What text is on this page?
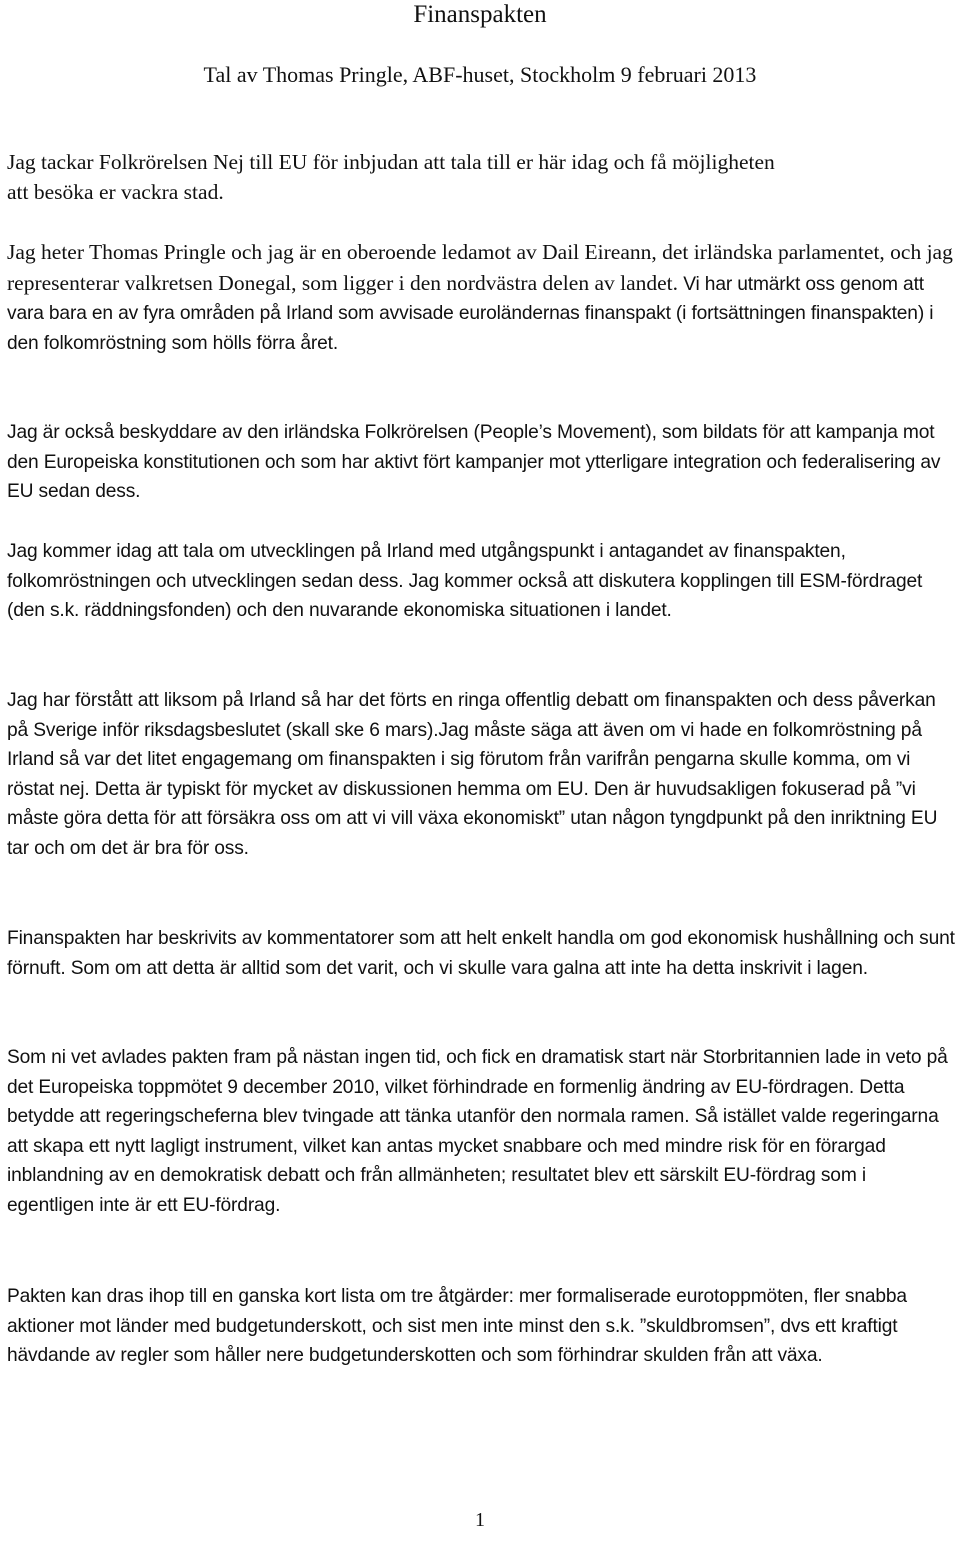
Finanspakten

Tal av Thomas Pringle, ABF-huset, Stockholm 9 februari 2013

Jag tackar Folkrörelsen Nej till EU för inbjudan att tala till er här idag och få möjligheten
att besöka er vackra stad.

Jag heter Thomas Pringle och jag är en oberoende ledamot av Dail Eireann, det irländska parlamentet, och jag representerar valkretsen Donegal, som ligger i den nordvästra delen av landet. Vi har utmärkt oss genom att vara bara en av fyra områden på Irland som avvisade euroländernas finanspakt (i fortsättningen finanspakten) i den folkomröstning som hölls förra året.

Jag är också beskyddare av den irländska Folkrörelsen (People’s Movement), som bildats för att kampanja mot den Europeiska konstitutionen och som har aktivt fört kampanjer mot ytterligare integration och federalisering av EU sedan dess.

Jag kommer idag att tala om utvecklingen på Irland med utgångspunkt i antagandet av finanspakten, folkomröstningen och utvecklingen sedan dess. Jag kommer också att diskutera kopplingen till ESM-fördraget (den s.k. räddningsfonden) och den nuvarande ekonomiska situationen i landet.

Jag har förstått att liksom på Irland så har det förts en ringa offentlig debatt om finanspakten och dess påverkan på Sverige inför riksdagsbeslutet (skall ske 6 mars).Jag måste säga att även om vi hade en folkomröstning på Irland så var det litet engagemang om finanspakten i sig förutom från varifrån pengarna skulle komma, om vi röstat nej. Detta är typiskt för mycket av diskussionen hemma om EU. Den är huvudsakligen fokuserad på ”vi måste göra detta för att försäkra oss om att vi vill växa ekonomiskt” utan någon tyngdpunkt på den inriktning EU tar och om det är bra för oss.

Finanspakten har beskrivits av kommentatorer som att helt enkelt handla om god ekonomisk hushållning och sunt förnuft. Som om att detta är alltid som det varit, och vi skulle vara galna att inte ha detta inskrivit i lagen.

Som ni vet avlades pakten fram på nästan ingen tid, och fick en dramatisk start när Storbritannien lade in veto på det Europeiska toppmötet 9 december 2010, vilket förhindrade en formenlig ändring av EU-fördragen. Detta betydde att regeringscheferna blev tvingade att tänka utanför den normala ramen. Så istället valde regeringarna att skapa ett nytt lagligt instrument, vilket kan antas mycket snabbare och med mindre risk för en förargad inblandning av en demokratisk debatt och från allmänheten; resultatet blev ett särskilt EU-fördrag som i egentligen inte är ett EU-fördrag.

Pakten kan dras ihop till en ganska kort lista om tre åtgärder: mer formaliserade eurotoppmöten, fler snabba aktioner mot länder med budgetunderskott, och sist men inte minst den s.k. ”skuldbromsen”, dvs ett kraftigt hävdande av regler som håller nere budgetunderskotten och som förhindrar skulden från att växa.

1
